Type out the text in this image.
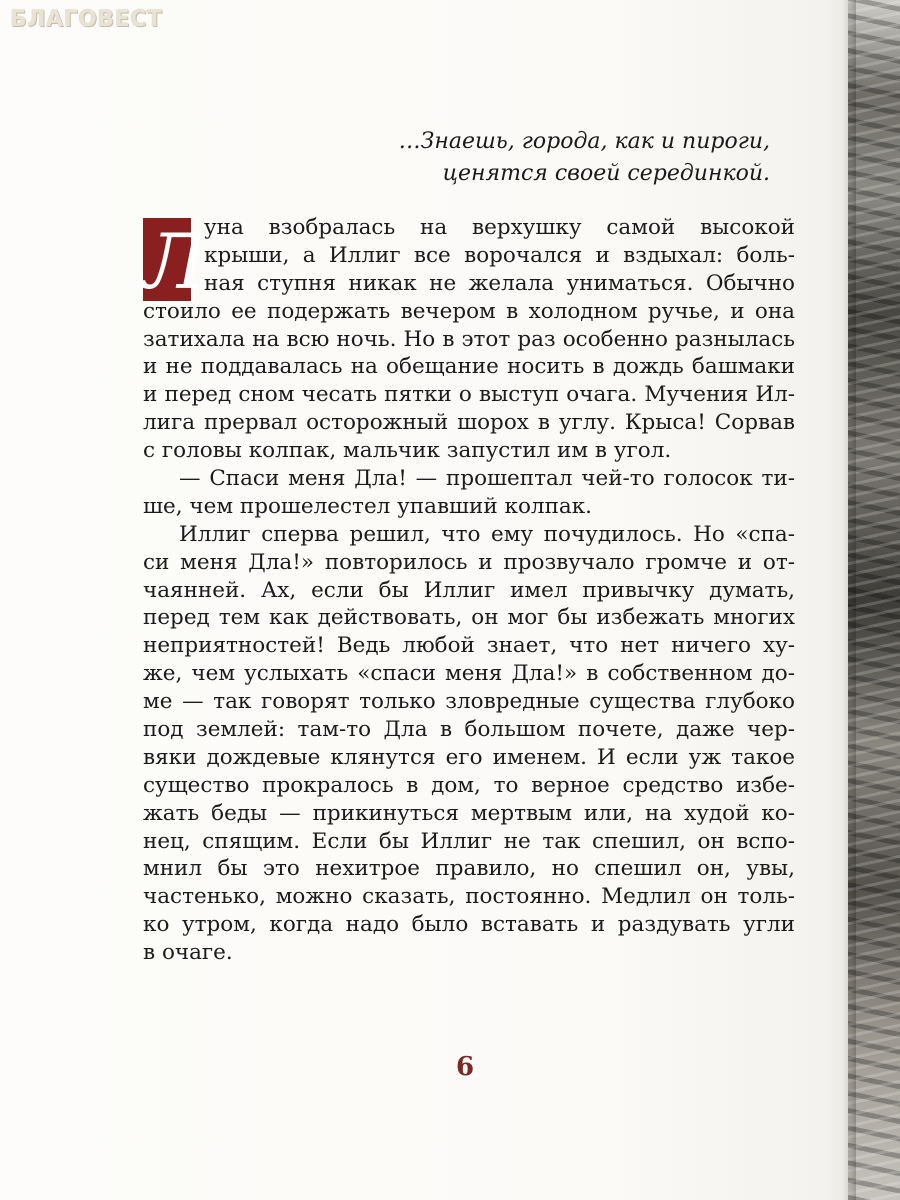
БЛАГОВЕСТ
…Знаешь, города, как и пироги,
ценятся своей серединкой.
Л
уна взобралась на верхушку самой высокой
крыши, а Иллиг все ворочался и вздыхал: боль-
ная ступня никак не желала униматься. Обычно
стоило ее подержать вечером в холодном ручье, и она
затихала на всю ночь. Но в этот раз особенно разнылась
и не поддавалась на обещание носить в дождь башмаки
и перед сном чесать пятки о выступ очага. Мучения Ил-
лига прервал осторожный шорох в углу. Крыса! Сорвав
с головы колпак, мальчик запустил им в угол.
— Спаси меня Дла! — прошептал чей-то голосок ти-
ше, чем прошелестел упавший колпак.
Иллиг сперва решил, что ему почудилось. Но «спа-
си меня Дла!» повторилось и прозвучало громче и от-
чаянней. Ах, если бы Иллиг имел привычку думать,
перед тем как действовать, он мог бы избежать многих
неприятностей! Ведь любой знает, что нет ничего ху-
же, чем услыхать «спаси меня Дла!» в собственном до-
ме — так говорят только зловредные существа глубоко
под землей: там-то Дла в большом почете, даже чер-
вяки дождевые клянутся его именем. И если уж такое
существо прокралось в дом, то верное средство избе-
жать беды — прикинуться мертвым или, на худой ко-
нец, спящим. Если бы Иллиг не так спешил, он вспо-
мнил бы это нехитрое правило, но спешил он, увы,
частенько, можно сказать, постоянно. Медлил он толь-
ко утром, когда надо было вставать и раздувать угли
в очаге.
6
